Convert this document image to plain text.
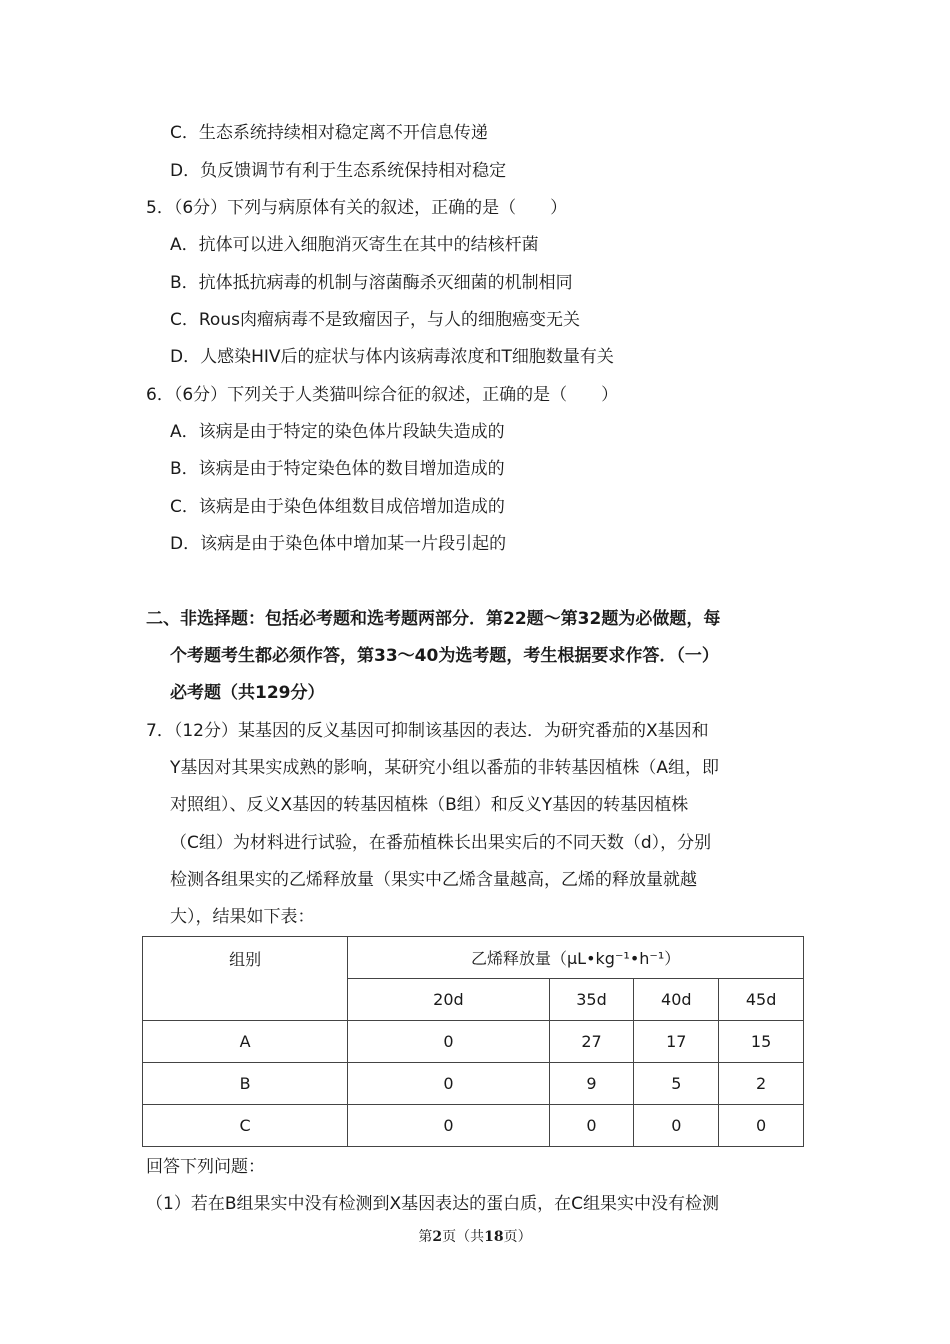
C．生态系统持续相对稳定离不开信息传递
D．负反馈调节有利于生态系统保持相对稳定
5．（6分）下列与病原体有关的叙述，正确的是（　　）
A．抗体可以进入细胞消灭寄生在其中的结核杆菌
B．抗体抵抗病毒的机制与溶菌酶杀灭细菌的机制相同
C．Rous肉瘤病毒不是致瘤因子，与人的细胞癌变无关
D．人感染HIV后的症状与体内该病毒浓度和T细胞数量有关
6．（6分）下列关于人类猫叫综合征的叙述，正确的是（　　）
A．该病是由于特定的染色体片段缺失造成的
B．该病是由于特定染色体的数目增加造成的
C．该病是由于染色体组数目成倍增加造成的
D．该病是由于染色体中增加某一片段引起的
二、非选择题：包括必考题和选考题两部分．第22题～第32题为必做题，每
个考题考生都必须作答，第33～40为选考题，考生根据要求作答．（一）
必考题（共129分）
7．（12分）某基因的反义基因可抑制该基因的表达．为研究番茄的X基因和
Y基因对其果实成熟的影响，某研究小组以番茄的非转基因植株（A组，即
对照组）、反义X基因的转基因植株（B组）和反义Y基因的转基因植株
（C组）为材料进行试验，在番茄植株长出果实后的不同天数（d），分别
检测各组果实的乙烯释放量（果实中乙烯含量越高，乙烯的释放量就越
大），结果如下表：
组别	乙烯释放量（μL•kg⁻¹•h⁻¹）			
	20d	35d	40d	45d
A	0	27	17	15
B	0	9	5	2
C	0	0	0	0
回答下列问题：
（1）若在B组果实中没有检测到X基因表达的蛋白质，在C组果实中没有检测
第2页（共18页）
